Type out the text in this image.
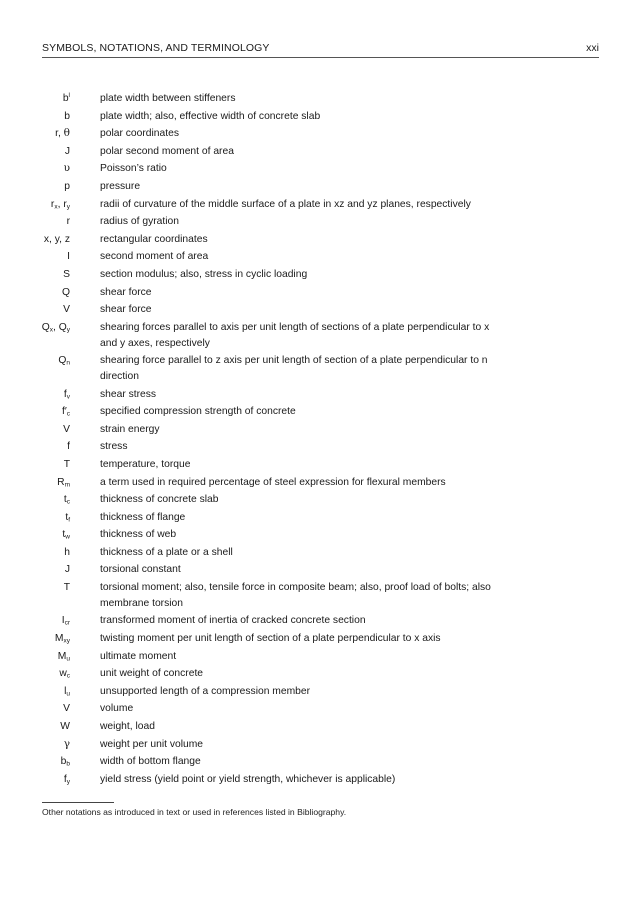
SYMBOLS, NOTATIONS, AND TERMINOLOGY	xxi
$b^l$	plate width between stiffeners
b	plate width; also, effective width of concrete slab
r, θ	polar coordinates
J	polar second moment of area
υ	Poisson’s ratio
p	pressure
$r_x$, $r_y$	radii of curvature of the middle surface of a plate in xz and yz planes, respectively
r	radius of gyration
x, y, z	rectangular coordinates
I	second moment of area
S	section modulus; also, stress in cyclic loading
Q	shear force
V	shear force
$Q_x$, $Q_y$	shearing forces parallel to axis per unit length of sections of a plate perpendicular to x and y axes, respectively
$Q_n$	shearing force parallel to z axis per unit length of section of a plate perpendicular to n direction
$f_v$	shear stress
$f'_c$	specified compression strength of concrete
V	strain energy
f	stress
T	temperature, torque
$R_m$	a term used in required percentage of steel expression for flexural members
$t_c$	thickness of concrete slab
$t_f$	thickness of flange
$t_w$	thickness of web
h	thickness of a plate or a shell
J	torsional constant
T	torsional moment; also, tensile force in composite beam; also, proof load of bolts; also membrane torsion
$I_{cr}$	transformed moment of inertia of cracked concrete section
$M_{xy}$	twisting moment per unit length of section of a plate perpendicular to x axis
$M_u$	ultimate moment
$w_c$	unit weight of concrete
$l_u$	unsupported length of a compression member
V	volume
W	weight, load
γ	weight per unit volume
$b_b$	width of bottom flange
$f_y$	yield stress (yield point or yield strength, whichever is applicable)
Other notations as introduced in text or used in references listed in Bibliography.
